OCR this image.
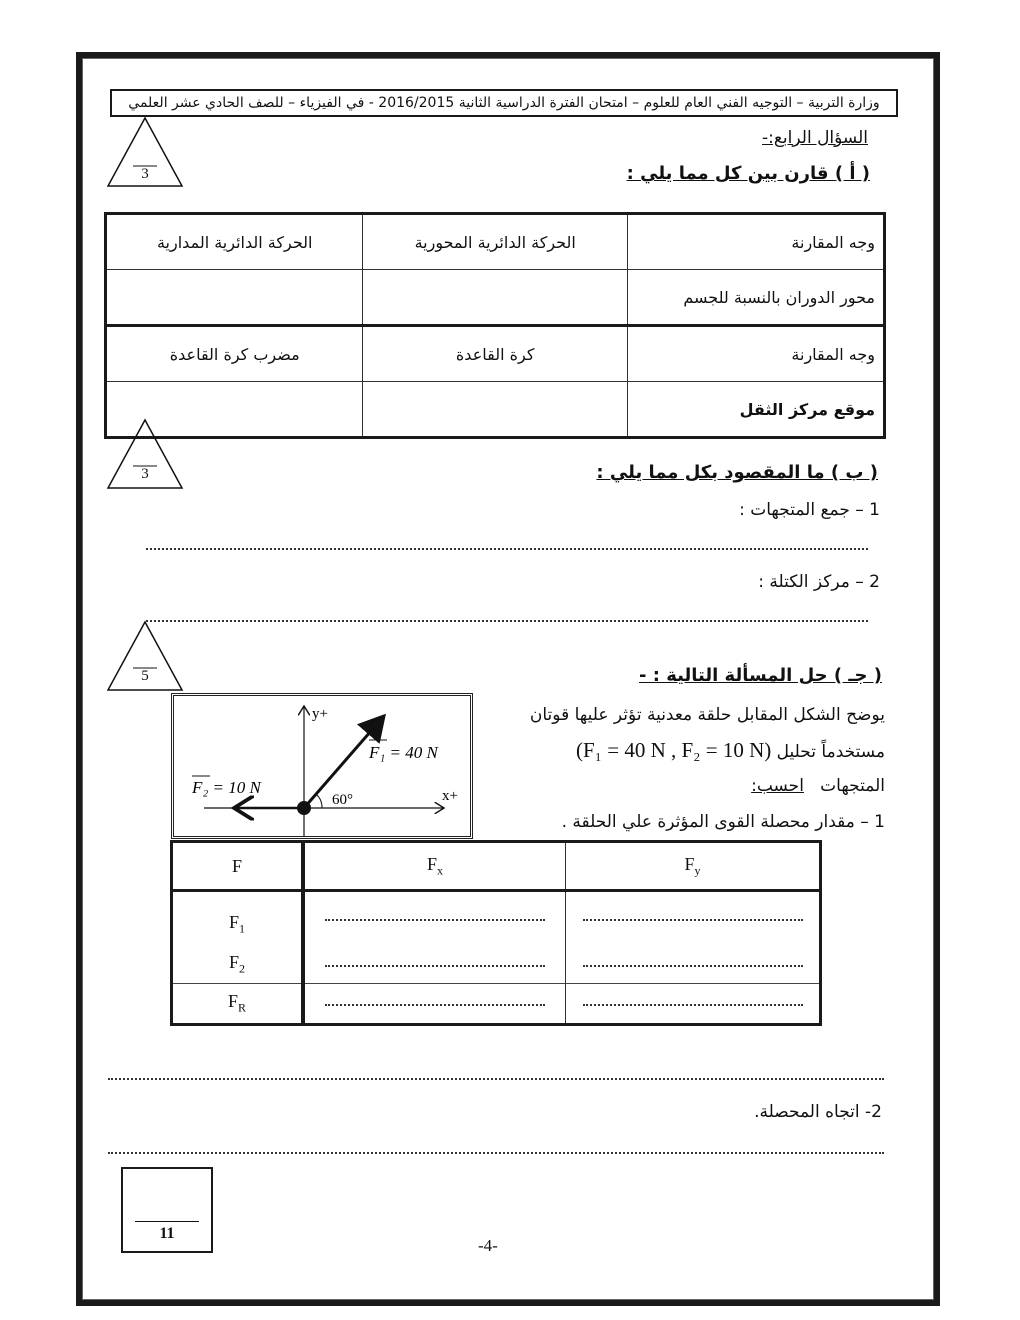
وزارة التربية – التوجيه الفني العام للعلوم – امتحان الفترة الدراسية الثانية 2016/2015 - في الفيزياء – للصف الحادي عشر العلمي
السؤال الرابع:-
3	( أ ) قارن بين كل مما يلي :
وجه المقارنة	الحركة الدائرية المحورية	الحركة الدائرية المدارية
محور الدوران بالنسبة للجسم		
وجه المقارنة	كرة القاعدة	مضرب كرة القاعدة
موقع مركز الثقل		
3	( ب ) ما المقصود بكل مما يلي :
1 – جمع المتجهات :
2 – مركز الكتلة :
5	( جـ ) حل المسألة التالية : -
y+
x+
F₁ = 40 N
F₂ = 10 N
60°
يوضح الشكل المقابل حلقة معدنية تؤثر عليها قوتان
(F₁ = 40 N , F₂ = 10 N) مستخدماً تحليل
المتجهات   احسب:
1 – مقدار محصلة القوى المؤثرة علي الحلقة .
F	$F_x$	$F_y$
$F_1$		
$F_2$		
$F_R$		
2- اتجاه المحصلة.
11
-4-
